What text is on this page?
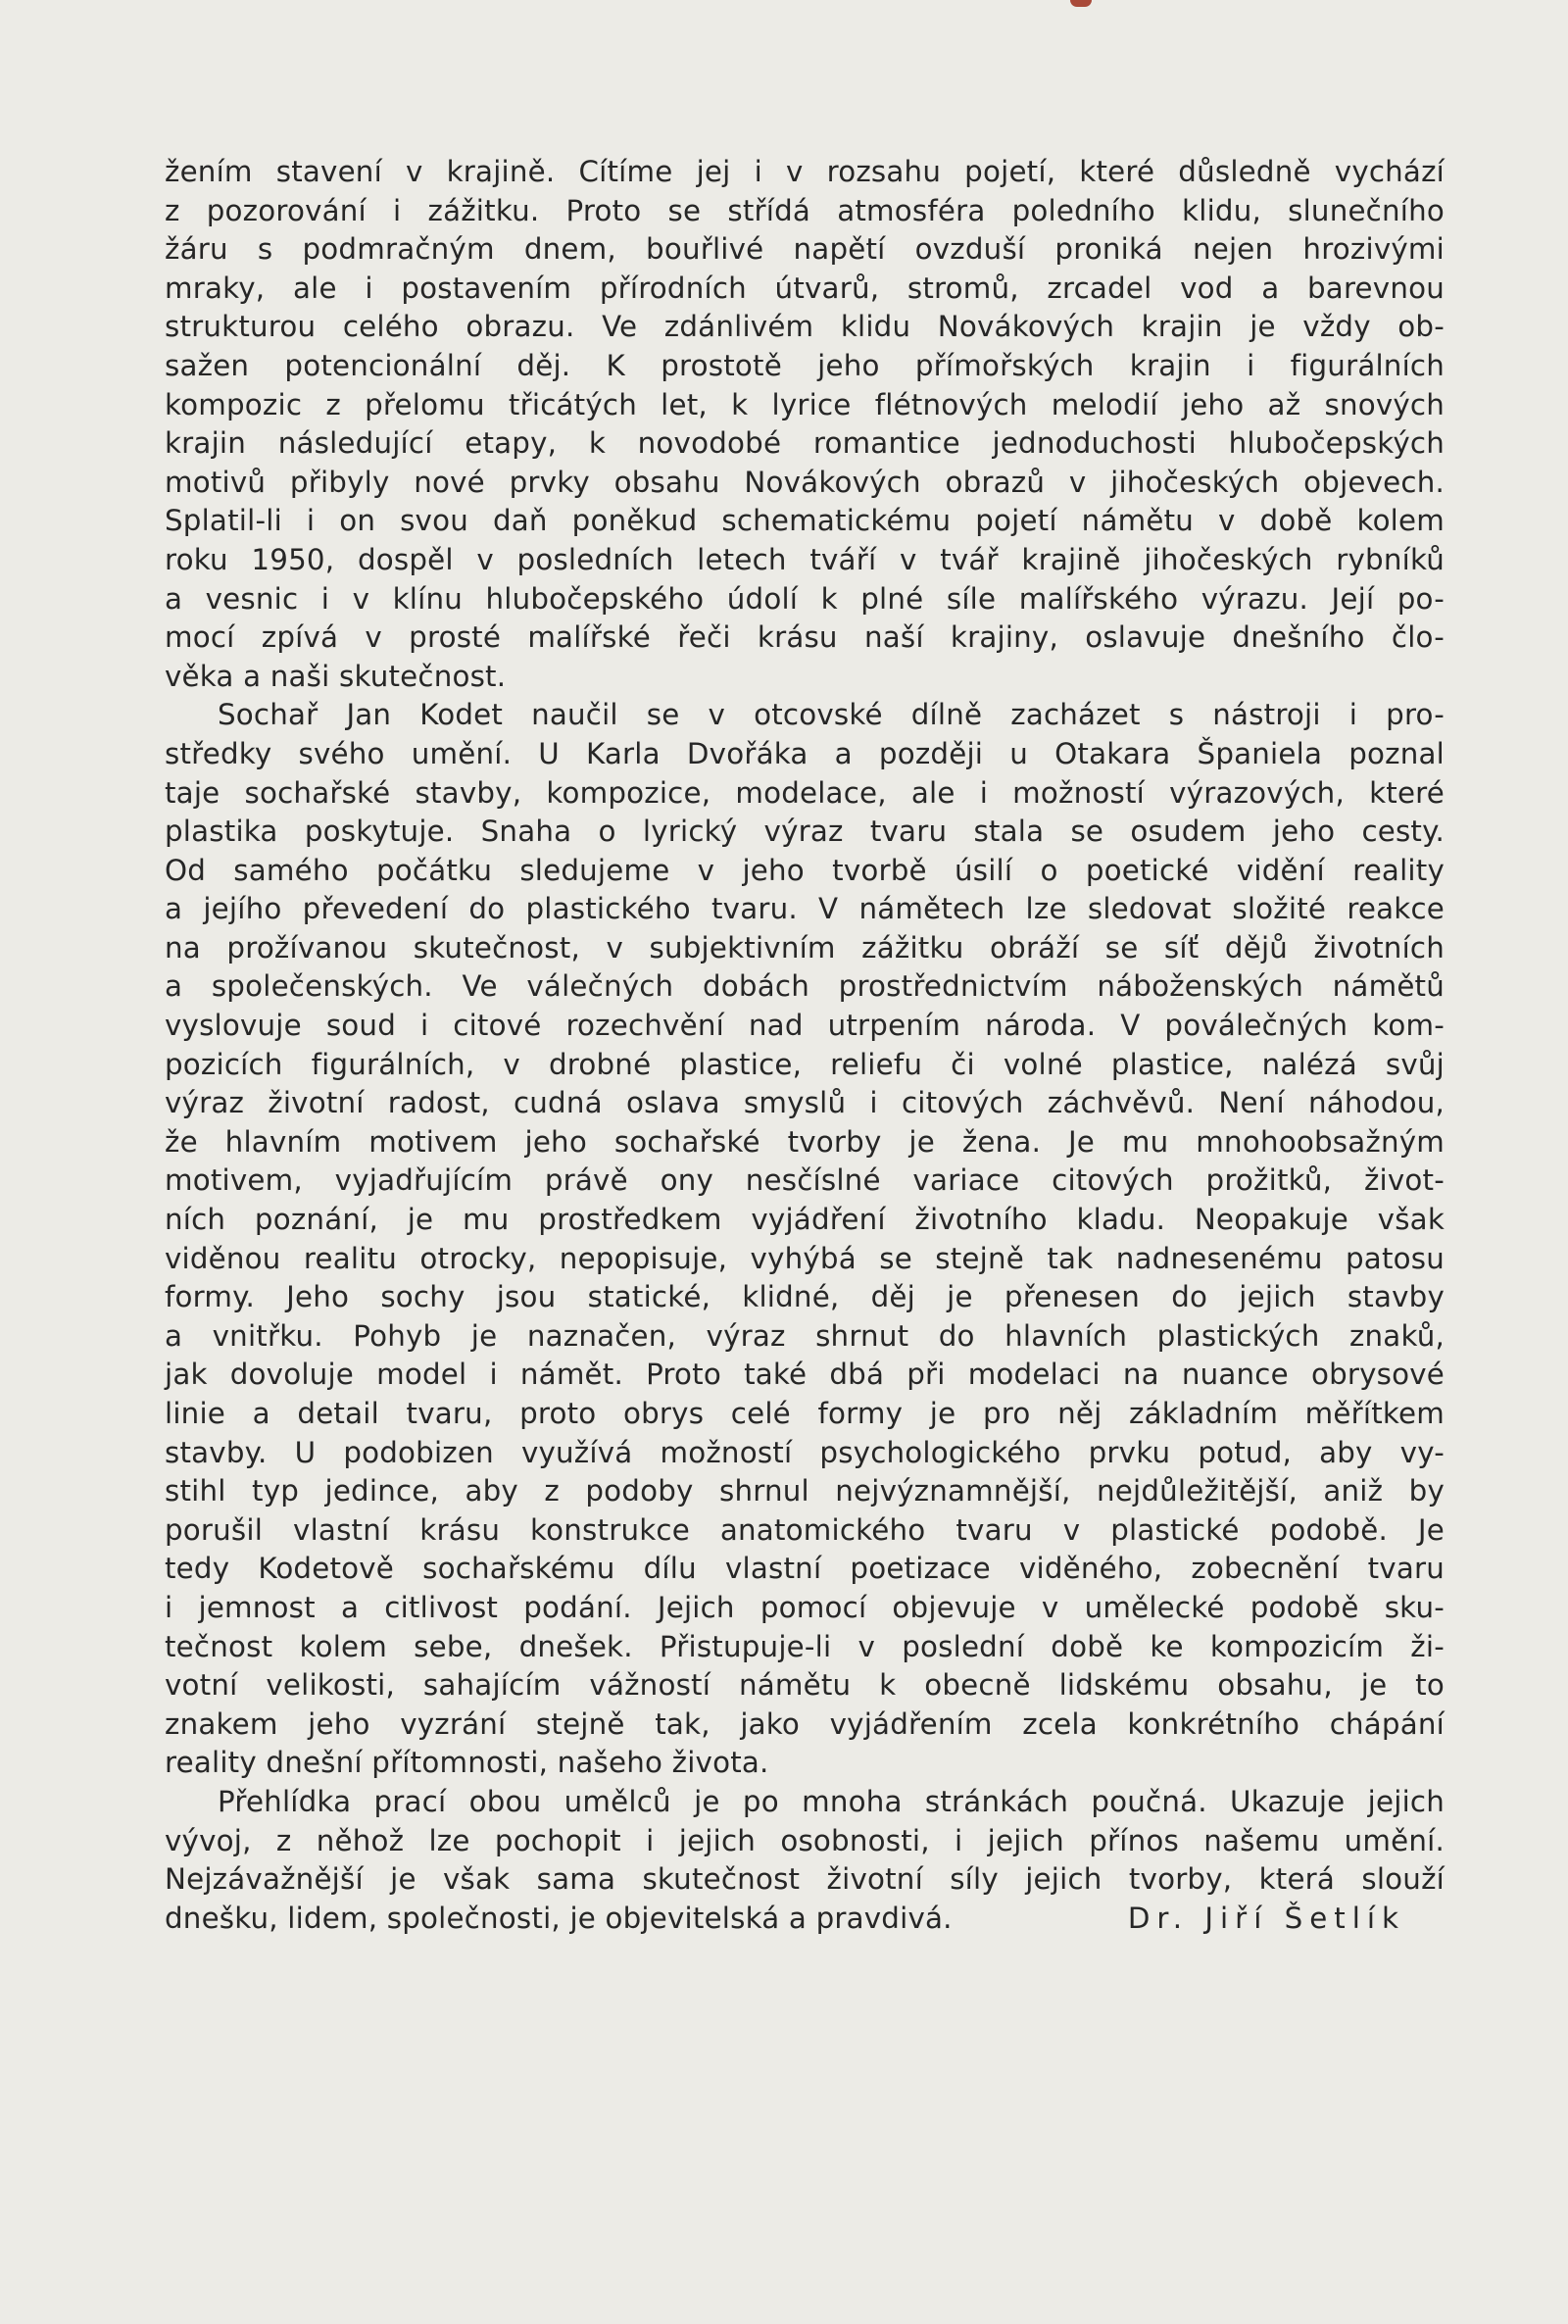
žením stavení v krajině. Cítíme jej i v rozsahu pojetí, které důsledně vychází
z pozorování i zážitku. Proto se střídá atmosféra poledního klidu, slunečního
žáru s podmračným dnem, bouřlivé napětí ovzduší proniká nejen hrozivými
mraky, ale i postavením přírodních útvarů, stromů, zrcadel vod a barevnou
strukturou celého obrazu. Ve zdánlivém klidu Novákových krajin je vždy ob-
sažen potencionální děj. K prostotě jeho přímořských krajin i figurálních
kompozic z přelomu třicátých let, k lyrice flétnových melodií jeho až snových
krajin následující etapy, k novodobé romantice jednoduchosti hlubočepských
motivů přibyly nové prvky obsahu Novákových obrazů v jihočeských objevech.
Splatil-li i on svou daň poněkud schematickému pojetí námětu v době kolem
roku 1950, dospěl v posledních letech tváří v tvář krajině jihočeských rybníků
a vesnic i v klínu hlubočepského údolí k plné síle malířského výrazu. Její po-
mocí zpívá v prosté malířské řeči krásu naší krajiny, oslavuje dnešního člo-
věka a naši skutečnost.
Sochař Jan Kodet naučil se v otcovské dílně zacházet s nástroji i pro-
středky svého umění. U Karla Dvořáka a později u Otakara Španiela poznal
taje sochařské stavby, kompozice, modelace, ale i možností výrazových, které
plastika poskytuje. Snaha o lyrický výraz tvaru stala se osudem jeho cesty.
Od samého počátku sledujeme v jeho tvorbě úsilí o poetické vidění reality
a jejího převedení do plastického tvaru. V námětech lze sledovat složité reakce
na prožívanou skutečnost, v subjektivním zážitku obráží se síť dějů životních
a společenských. Ve válečných dobách prostřednictvím náboženských námětů
vyslovuje soud i citové rozechvění nad utrpením národa. V poválečných kom-
pozicích figurálních, v drobné plastice, reliefu či volné plastice, nalézá svůj
výraz životní radost, cudná oslava smyslů i citových záchvěvů. Není náhodou,
že hlavním motivem jeho sochařské tvorby je žena. Je mu mnohoobsažným
motivem, vyjadřujícím právě ony nesčíslné variace citových prožitků, život-
ních poznání, je mu prostředkem vyjádření životního kladu. Neopakuje však
viděnou realitu otrocky, nepopisuje, vyhýbá se stejně tak nadnesenému patosu
formy. Jeho sochy jsou statické, klidné, děj je přenesen do jejich stavby
a vnitřku. Pohyb je naznačen, výraz shrnut do hlavních plastických znaků,
jak dovoluje model i námět. Proto také dbá při modelaci na nuance obrysové
linie a detail tvaru, proto obrys celé formy je pro něj základním měřítkem
stavby. U podobizen využívá možností psychologického prvku potud, aby vy-
stihl typ jedince, aby z podoby shrnul nejvýznamnější, nejdůležitější, aniž by
porušil vlastní krásu konstrukce anatomického tvaru v plastické podobě. Je
tedy Kodetově sochařskému dílu vlastní poetizace viděného, zobecnění tvaru
i jemnost a citlivost podání. Jejich pomocí objevuje v umělecké podobě sku-
tečnost kolem sebe, dnešek. Přistupuje-li v poslední době ke kompozicím ži-
votní velikosti, sahajícím vážností námětu k obecně lidskému obsahu, je to
znakem jeho vyzrání stejně tak, jako vyjádřením zcela konkrétního chápání
reality dnešní přítomnosti, našeho života.
Přehlídka prací obou umělců je po mnoha stránkách poučná. Ukazuje jejich
vývoj, z něhož lze pochopit i jejich osobnosti, i jejich přínos našemu umění.
Nejzávažnější je však sama skutečnost životní síly jejich tvorby, která slouží
dnešku, lidem, společnosti, je objevitelská a pravdivá.	Dr. Jiří Šetlík
